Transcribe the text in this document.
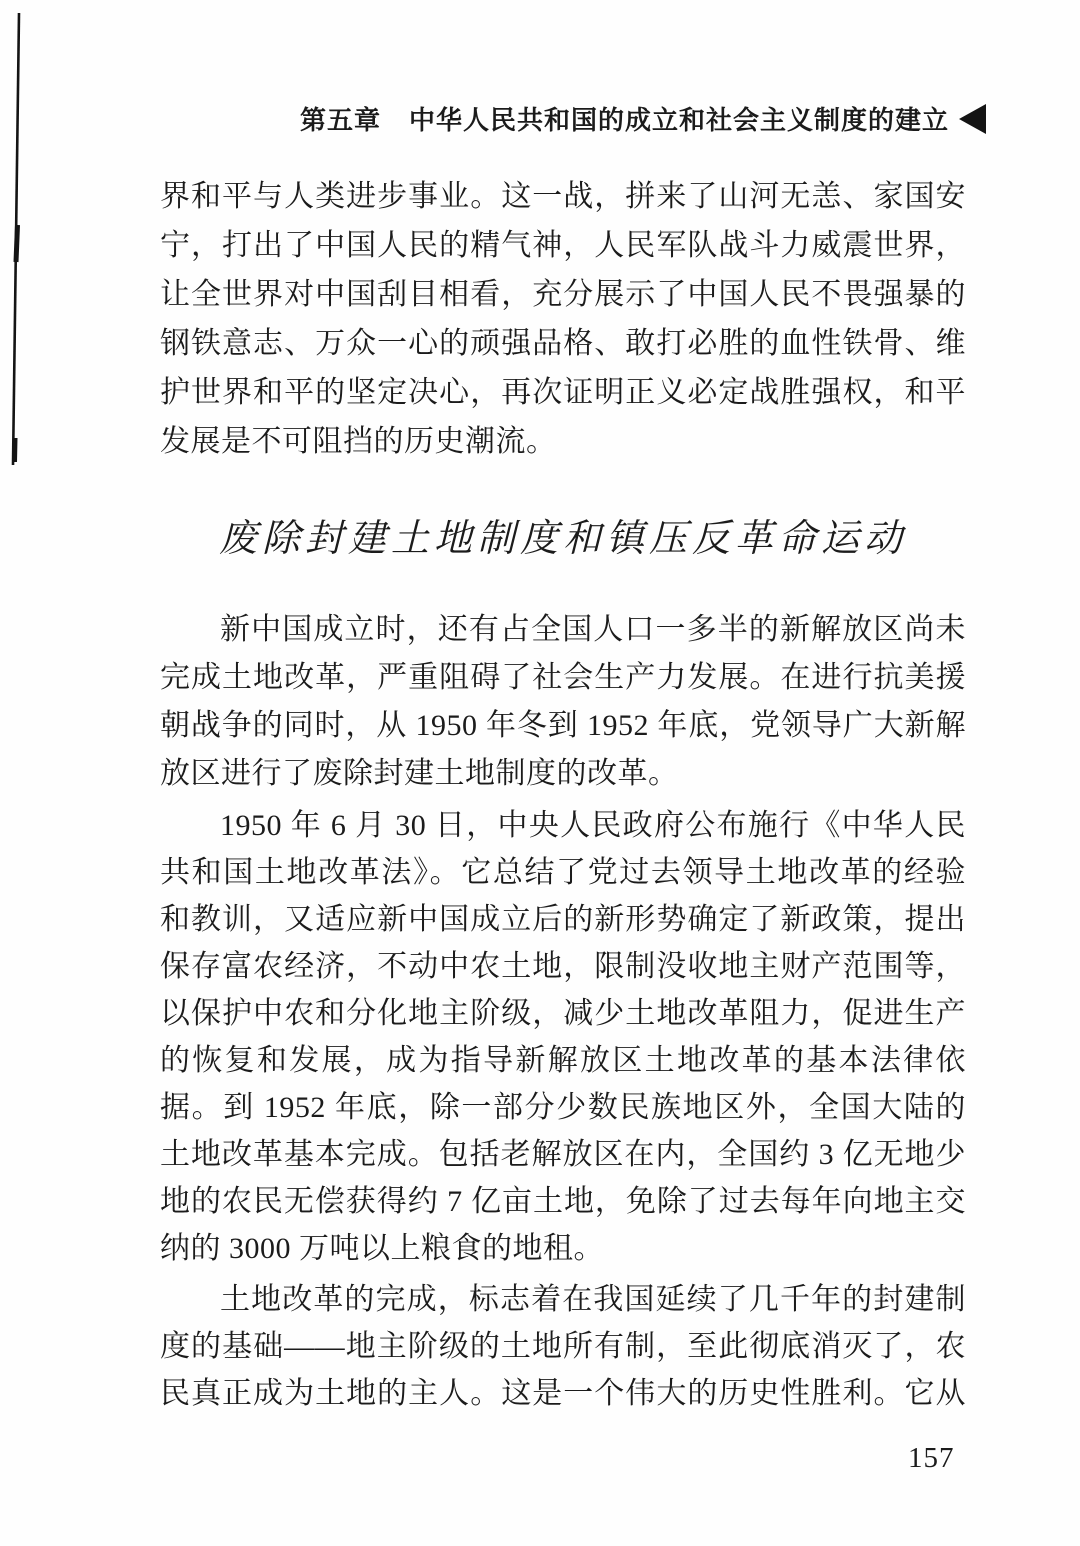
第五章 中华人民共和国的成立和社会主义制度的建立
界和平与人类进步事业。这一战，拼来了山河无恙、家国安
宁，打出了中国人民的精气神，人民军队战斗力威震世界，
让全世界对中国刮目相看，充分展示了中国人民不畏强暴的
钢铁意志、万众一心的顽强品格、敢打必胜的血性铁骨、维
护世界和平的坚定决心，再次证明正义必定战胜强权，和平
发展是不可阻挡的历史潮流。
废除封建土地制度和镇压反革命运动
新中国成立时，还有占全国人口一多半的新解放区尚未
完成土地改革，严重阻碍了社会生产力发展。在进行抗美援
朝战争的同时，从 1950 年冬到 1952 年底，党领导广大新解
放区进行了废除封建土地制度的改革。
1950 年 6 月 30 日，中央人民政府公布施行《中华人民
共和国土地改革法》。它总结了党过去领导土地改革的经验
和教训，又适应新中国成立后的新形势确定了新政策，提出
保存富农经济，不动中农土地，限制没收地主财产范围等，
以保护中农和分化地主阶级，减少土地改革阻力，促进生产
的恢复和发展，成为指导新解放区土地改革的基本法律依
据。到 1952 年底，除一部分少数民族地区外，全国大陆的
土地改革基本完成。包括老解放区在内，全国约 3 亿无地少
地的农民无偿获得约 7 亿亩土地，免除了过去每年向地主交
纳的 3000 万吨以上粮食的地租。
土地改革的完成，标志着在我国延续了几千年的封建制
度的基础——地主阶级的土地所有制，至此彻底消灭了，农
民真正成为土地的主人。这是一个伟大的历史性胜利。它从
157
